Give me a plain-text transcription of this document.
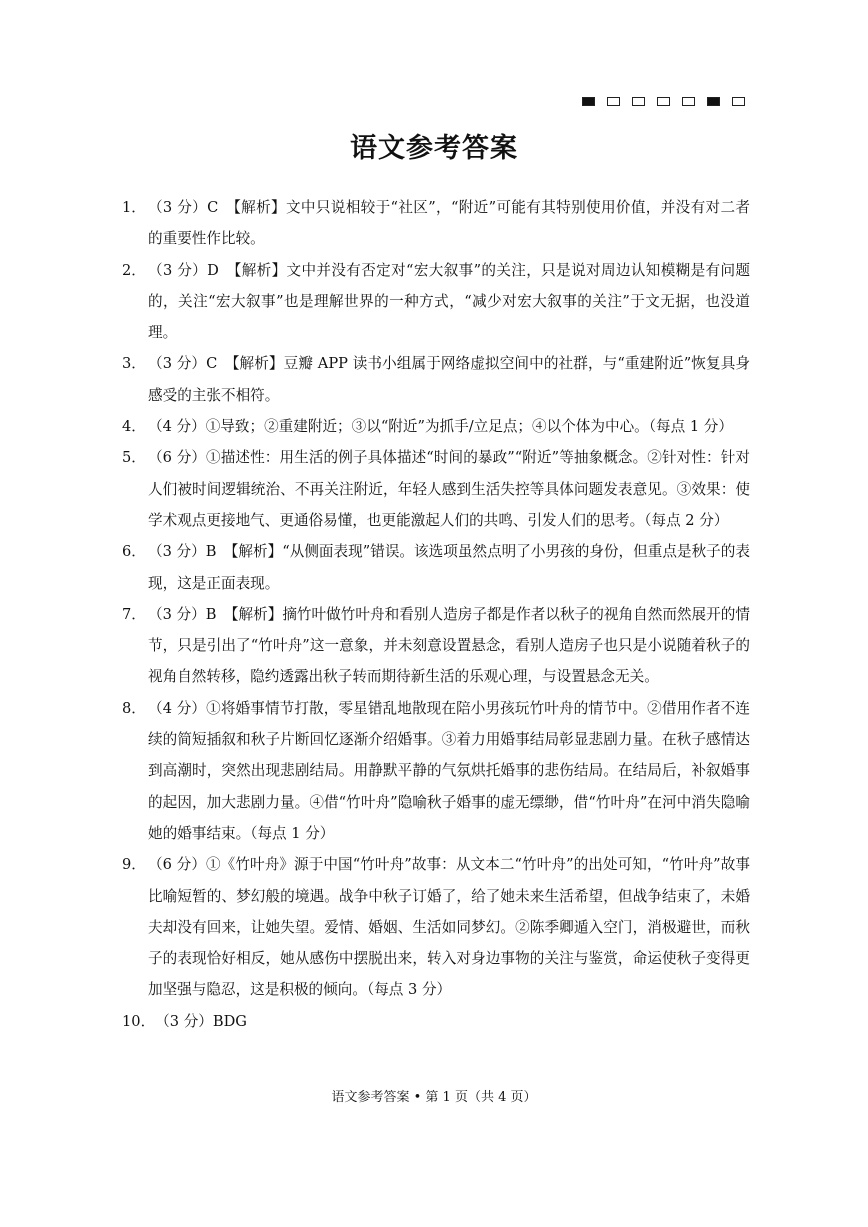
语文参考答案
1． （3 分）C　【解析】文中只说相较于“社区”，“附近”可能有其特别使用价值，并没有对二者的重要性作比较。
2． （3 分）D　【解析】文中并没有否定对“宏大叙事”的关注，只是说对周边认知模糊是有问题的，关注“宏大叙事”也是理解世界的一种方式，“减少对宏大叙事的关注”于文无据，也没道理。
3． （3 分）C　【解析】豆瓣 APP 读书小组属于网络虚拟空间中的社群，与“重建附近”恢复具身感受的主张不相符。
4． （4 分）①导致；②重建附近；③以“附近”为抓手/立足点；④以个体为中心。（每点 1 分）
5． （6 分）①描述性：用生活的例子具体描述“时间的暴政”“附近”等抽象概念。②针对性：针对人们被时间逻辑统治、不再关注附近，年轻人感到生活失控等具体问题发表意见。③效果：使学术观点更接地气、更通俗易懂，也更能激起人们的共鸣、引发人们的思考。（每点 2 分）
6． （3 分）B　【解析】“从侧面表现”错误。该选项虽然点明了小男孩的身份，但重点是秋子的表现，这是正面表现。
7． （3 分）B　【解析】摘竹叶做竹叶舟和看别人造房子都是作者以秋子的视角自然而然展开的情节，只是引出了“竹叶舟”这一意象，并未刻意设置悬念，看别人造房子也只是小说随着秋子的视角自然转移，隐约透露出秋子转而期待新生活的乐观心理，与设置悬念无关。
8． （4 分）①将婚事情节打散，零星错乱地散现在陪小男孩玩竹叶舟的情节中。②借用作者不连续的简短插叙和秋子片断回忆逐渐介绍婚事。③着力用婚事结局彰显悲剧力量。在秋子感情达到高潮时，突然出现悲剧结局。用静默平静的气氛烘托婚事的悲伤结局。在结局后，补叙婚事的起因，加大悲剧力量。④借“竹叶舟”隐喻秋子婚事的虚无缥缈，借“竹叶舟”在河中消失隐喻她的婚事结束。（每点 1 分）
9． （6 分）①《竹叶舟》源于中国“竹叶舟”故事：从文本二“竹叶舟”的出处可知，“竹叶舟”故事比喻短暂的、梦幻般的境遇。战争中秋子订婚了，给了她未来生活希望，但战争结束了，未婚夫却没有回来，让她失望。爱情、婚姻、生活如同梦幻。②陈季卿遁入空门，消极避世，而秋子的表现恰好相反，她从感伤中摆脱出来，转入对身边事物的关注与鉴赏，命运使秋子变得更加坚强与隐忍，这是积极的倾向。（每点 3 分）
10． （3 分）BDG
语文参考答案 • 第 1 页（共 4 页）
